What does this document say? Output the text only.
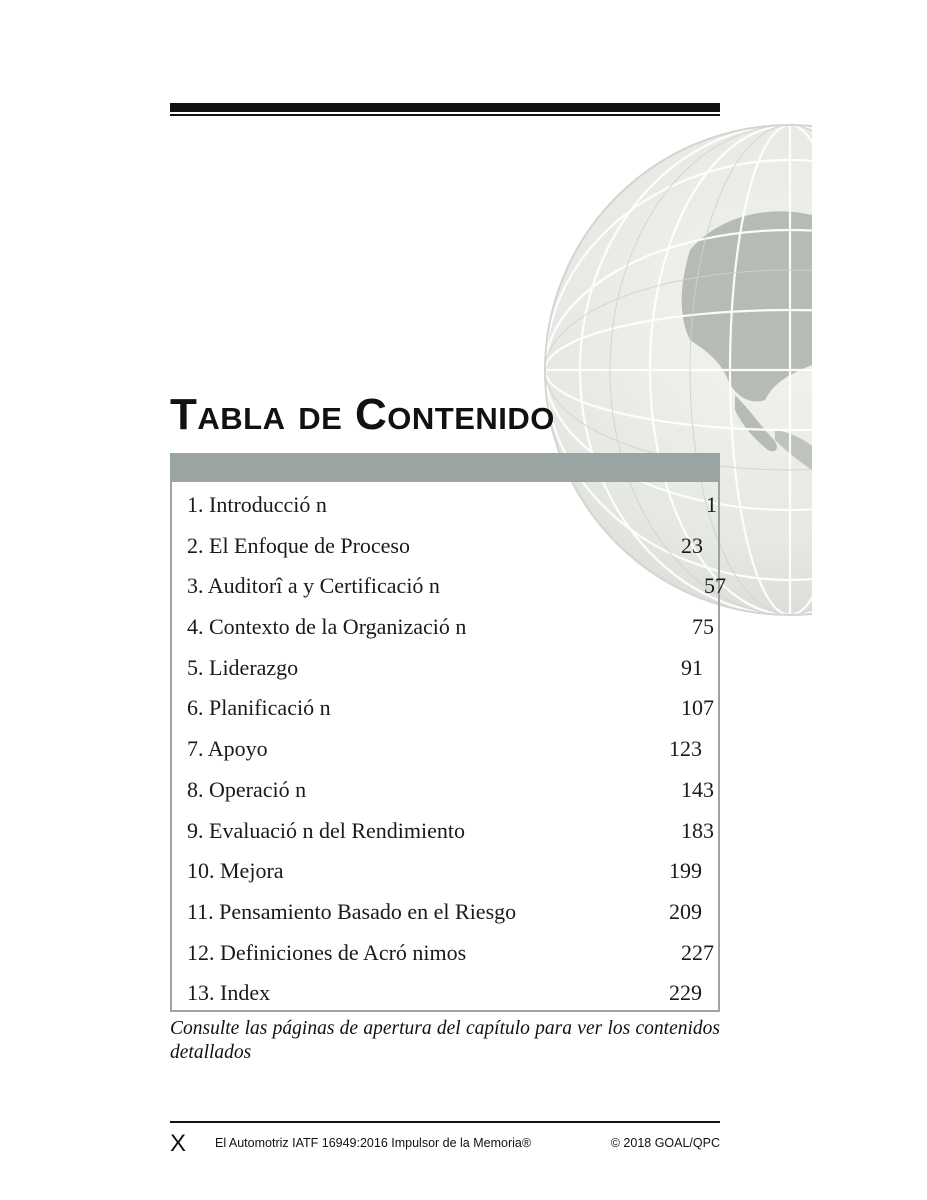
Tabla de Contenido
1. Introducció n	1
2. El Enfoque de Proceso	23
3. Auditorî a y Certificació n	57
4. Contexto de la Organizació n	75
5. Liderazgo	91
6. Planificació n	107
7. Apoyo	123
8. Operació n	143
9. Evaluació n del Rendimiento	183
10. Mejora	199
11. Pensamiento Basado en el Riesgo	209
12. Definiciones de Acró nimos	227
13. Index	229

Consulte las páginas de apertura del capítulo para ver los contenidos detallados

X El Automotriz IATF 16949:2016 Impulsor de la Memoria®	© 2018 GOAL/QPC
